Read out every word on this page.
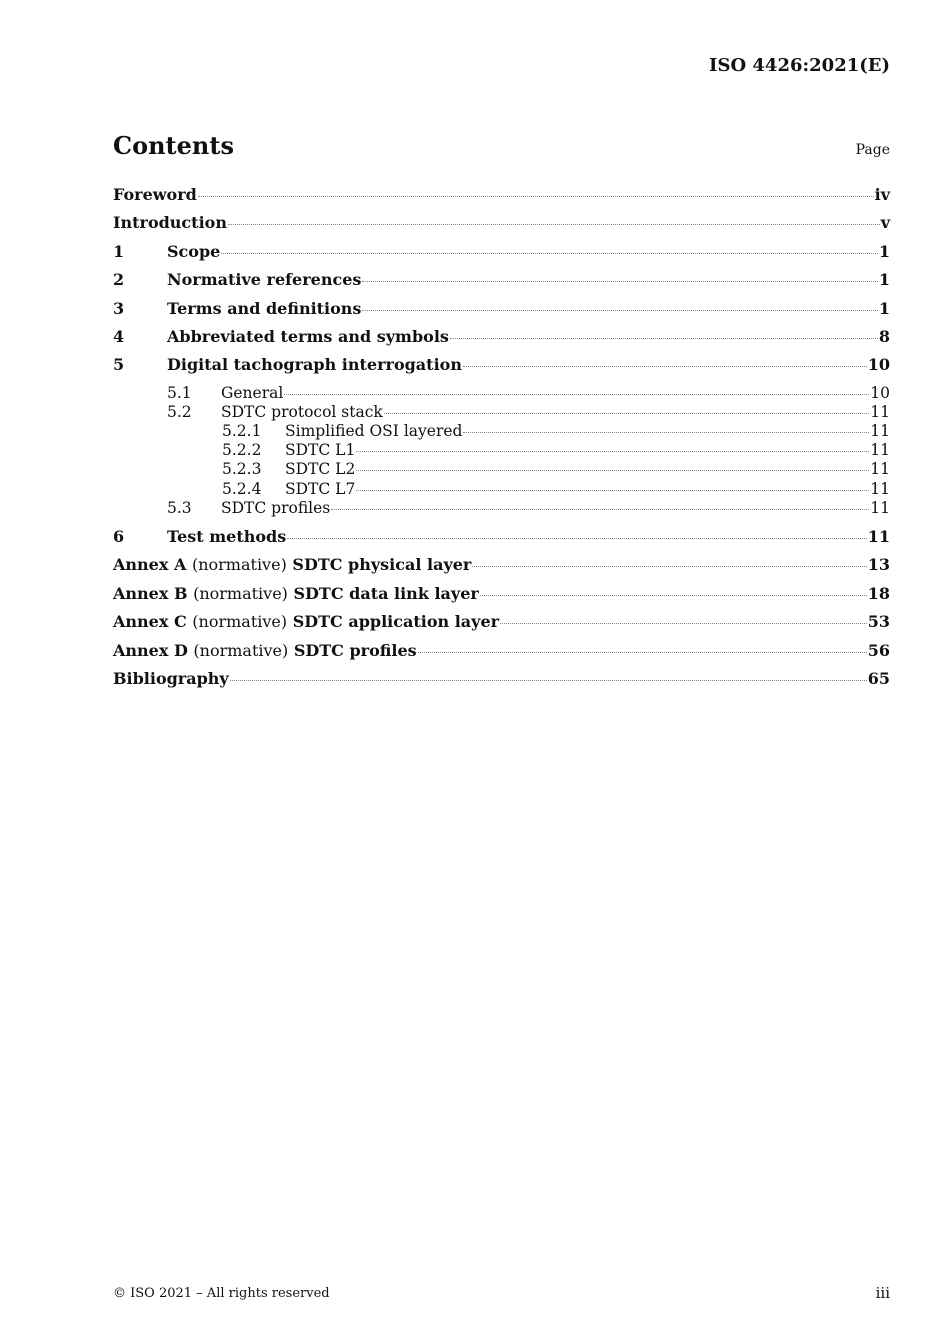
ISO 4426:2021(E)
Contents	Page
Foreword	iv
Introduction	v
1	Scope	1
2	Normative references	1
3	Terms and definitions	1
4	Abbreviated terms and symbols	8
5	Digital tachograph interrogation	10
5.1	General	10
5.2	SDTC protocol stack	11
5.2.1	Simplified OSI layered	11
5.2.2	SDTC L1	11
5.2.3	SDTC L2	11
5.2.4	SDTC L7	11
5.3	SDTC profiles	11
6	Test methods	11
Annex A (normative) SDTC physical layer	13
Annex B (normative) SDTC data link layer	18
Annex C (normative) SDTC application layer	53
Annex D (normative) SDTC profiles	56
Bibliography	65
© ISO 2021 – All rights reserved	iii
